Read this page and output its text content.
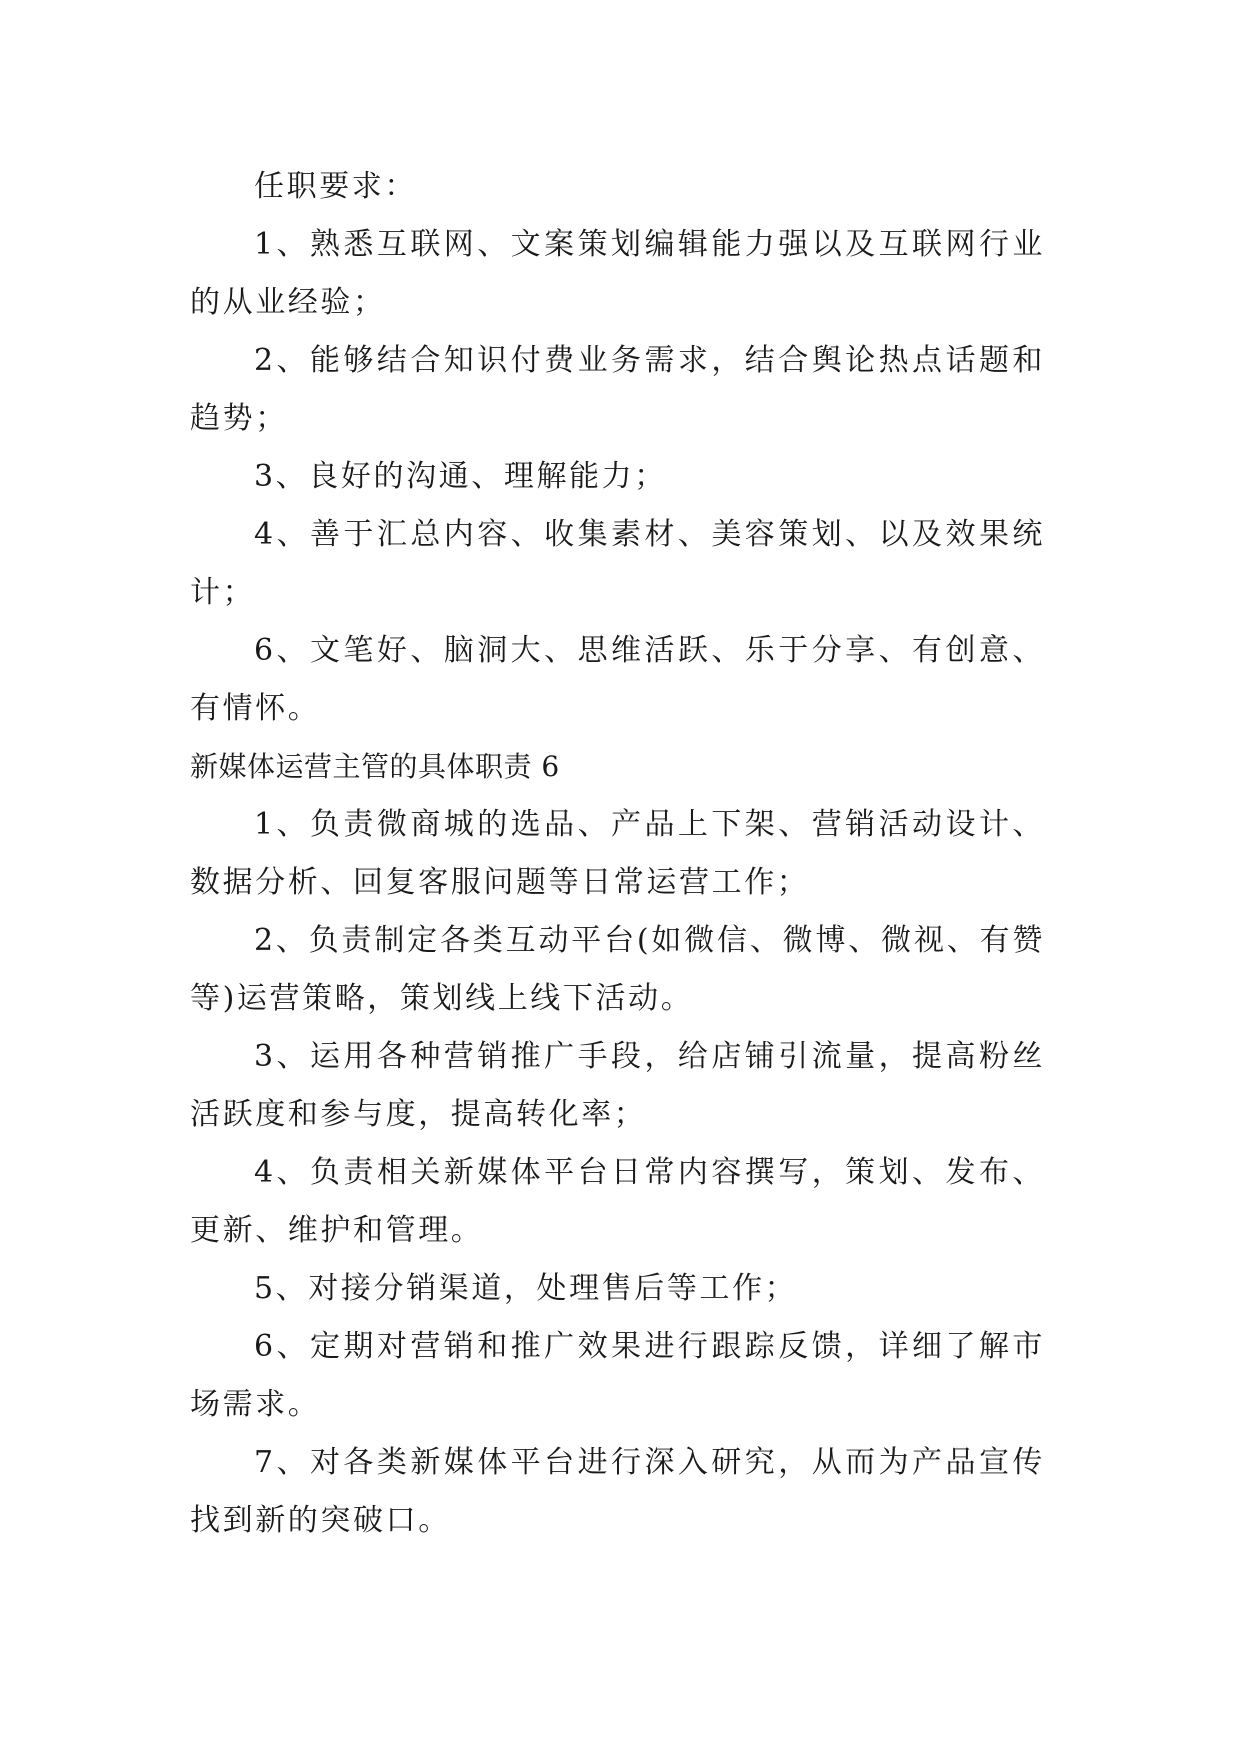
任职要求：

1、熟悉互联网、文案策划编辑能力强以及互联网行业的从业经验；

2、能够结合知识付费业务需求，结合舆论热点话题和趋势；

3、良好的沟通、理解能力；

4、善于汇总内容、收集素材、美容策划、以及效果统计；

6、文笔好、脑洞大、思维活跃、乐于分享、有创意、有情怀。

新媒体运营主管的具体职责 6

1、负责微商城的选品、产品上下架、营销活动设计、数据分析、回复客服问题等日常运营工作；

2、负责制定各类互动平台(如微信、微博、微视、有赞等)运营策略，策划线上线下活动。

3、运用各种营销推广手段，给店铺引流量，提高粉丝活跃度和参与度，提高转化率；

4、负责相关新媒体平台日常内容撰写，策划、发布、更新、维护和管理。

5、对接分销渠道，处理售后等工作；

6、定期对营销和推广效果进行跟踪反馈，详细了解市场需求。

7、对各类新媒体平台进行深入研究，从而为产品宣传找到新的突破口。
